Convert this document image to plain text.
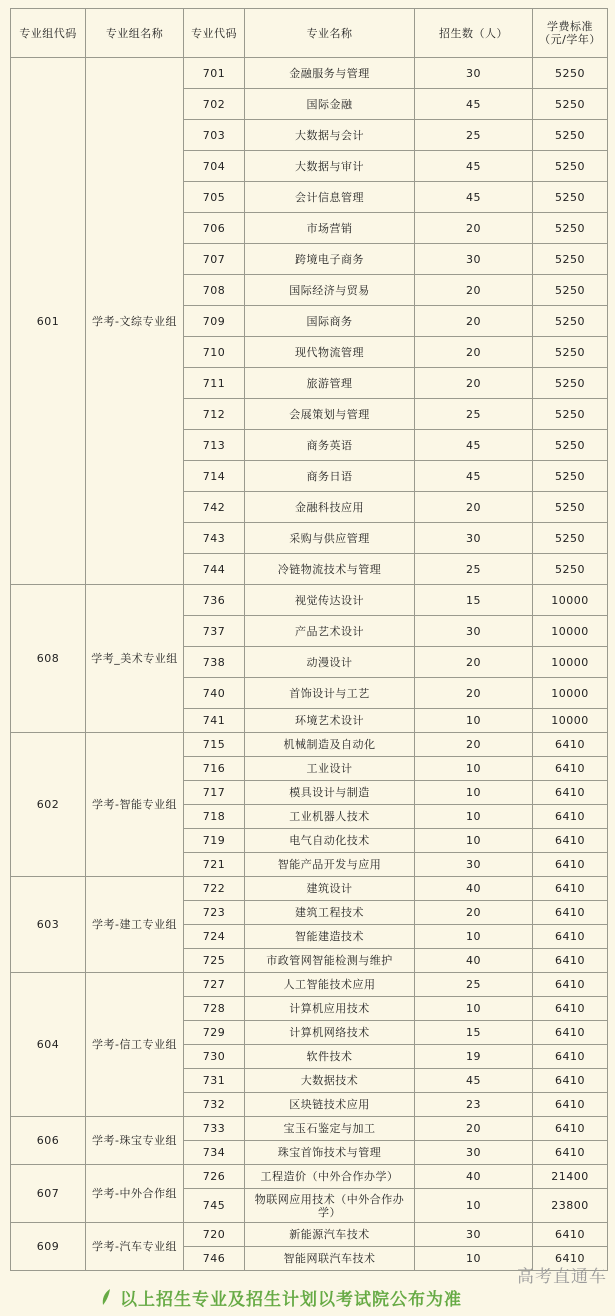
专业组代码	专业组名称	专业代码	专业名称	招生数（人）	学费标准（元/学年）
601	学考-文综专业组	701	金融服务与管理	30	5250
		702	国际金融	45	5250
		703	大数据与会计	25	5250
		704	大数据与审计	45	5250
		705	会计信息管理	45	5250
		706	市场营销	20	5250
		707	跨境电子商务	30	5250
		708	国际经济与贸易	20	5250
		709	国际商务	20	5250
		710	现代物流管理	20	5250
		711	旅游管理	20	5250
		712	会展策划与管理	25	5250
		713	商务英语	45	5250
		714	商务日语	45	5250
		742	金融科技应用	20	5250
		743	采购与供应管理	30	5250
		744	冷链物流技术与管理	25	5250
608	学考_美术专业组	736	视觉传达设计	15	10000
		737	产品艺术设计	30	10000
		738	动漫设计	20	10000
		740	首饰设计与工艺	20	10000
		741	环境艺术设计	10	10000
602	学考-智能专业组	715	机械制造及自动化	20	6410
		716	工业设计	10	6410
		717	模具设计与制造	10	6410
		718	工业机器人技术	10	6410
		719	电气自动化技术	10	6410
		721	智能产品开发与应用	30	6410
603	学考-建工专业组	722	建筑设计	40	6410
		723	建筑工程技术	20	6410
		724	智能建造技术	10	6410
		725	市政管网智能检测与维护	40	6410
604	学考-信工专业组	727	人工智能技术应用	25	6410
		728	计算机应用技术	10	6410
		729	计算机网络技术	15	6410
		730	软件技术	19	6410
		731	大数据技术	45	6410
		732	区块链技术应用	23	6410
606	学考-珠宝专业组	733	宝玉石鉴定与加工	20	6410
		734	珠宝首饰技术与管理	30	6410
607	学考-中外合作组	726	工程造价（中外合作办学）	40	21400
		745	物联网应用技术（中外合作办学）	10	23800
609	学考-汽车专业组	720	新能源汽车技术	30	6410
		746	智能网联汽车技术	10	6410
以上招生专业及招生计划以考试院公布为准
高考直通车
